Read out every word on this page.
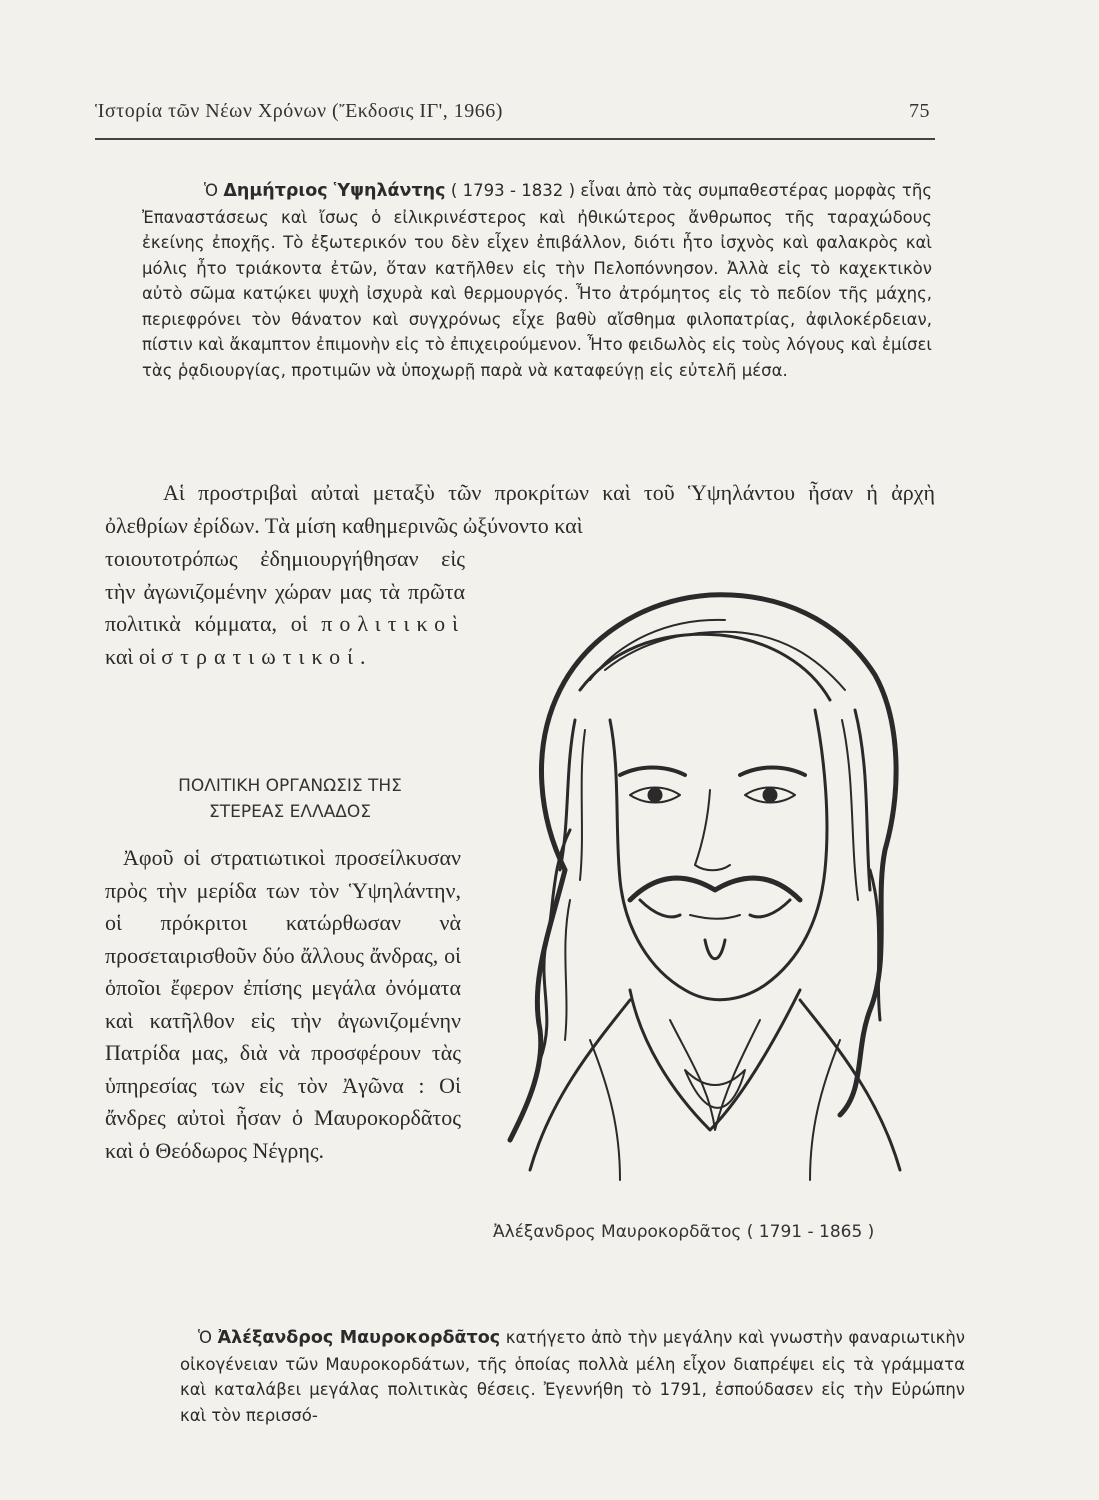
Ἱστορία τῶν Νέων Χρόνων (Ἔκδοσις ΙΓ', 1966)	75
Ὁ Δημήτριος Ὑψηλάντης ( 1793 - 1832 ) εἶναι ἀπὸ τὰς συμπαθεστέρας μορφὰς τῆς Ἐπαναστάσεως καὶ ἴσως ὁ εἰλικρινέστερος καὶ ἠθικώτερος ἄνθρωπος τῆς ταραχώδους ἐκείνης ἐποχῆς. Τὸ ἐξωτερικόν του δὲν εἶχεν ἐπιβάλλον, διότι ἦτο ἰσχνὸς καὶ φαλακρὸς καὶ μόλις ἦτο τριάκοντα ἐτῶν, ὅταν κατῆλθεν εἰς τὴν Πελοπόννησον. Ἀλλὰ εἰς τὸ καχεκτικὸν αὐτὸ σῶμα κατῴκει ψυχὴ ἰσχυρὰ καὶ θερμουργός. Ἦτο ἀτρόμητος εἰς τὸ πεδίον τῆς μάχης, περιεφρόνει τὸν θάνατον καὶ συγχρόνως εἶχε βαθὺ αἴσθημα φιλοπατρίας, ἀφιλοκέρδειαν, πίστιν καὶ ἄκαμπτον ἐπιμονὴν εἰς τὸ ἐπιχειρούμενον. Ἦτο φειδωλὸς εἰς τοὺς λόγους καὶ ἐμίσει τὰς ῥᾳδιουργίας, προτιμῶν νὰ ὑποχωρῇ παρὰ νὰ καταφεύγῃ εἰς εὐτελῆ μέσα.
Αἱ προστριβαὶ αὐταὶ μεταξὺ τῶν προκρίτων καὶ τοῦ Ὑψηλάντου ἦσαν ἡ ἀρχὴ ὀλεθρίων ἐρίδων. Τὰ μίση καθημερινῶς ὠξύνοντο καὶ
τοιουτοτρόπως ἐδημιουργήθησαν εἰς τὴν ἀγωνιζομένην χώραν μας τὰ πρῶτα πολιτικὰ κόμματα, οἱ πολιτικοὶ καὶ οἱ στρατιωτικοί.
ΠΟΛΙΤΙΚΗ ΟΡΓΑΝΩΣΙΣ ΤΗΣ
ΣΤΕΡΕΑΣ ΕΛΛΑΔΟΣ
Ἀφοῦ οἱ στρατιωτικοὶ προσείλκυσαν πρὸς τὴν μερίδα των τὸν Ὑψηλάντην, οἱ πρόκριτοι κατώρθωσαν νὰ προσεταιρισθοῦν δύο ἄλλους ἄνδρας, οἱ ὁποῖοι ἔφερον ἐπίσης μεγάλα ὀνόματα καὶ κατῆλθον εἰς τὴν ἀγωνιζομένην Πατρίδα μας, διὰ νὰ προσφέρουν τὰς ὑπηρεσίας των εἰς τὸν Ἀγῶνα : Οἱ ἄνδρες αὐτοὶ ἦσαν ὁ Μαυροκορδᾶτος καὶ ὁ Θεόδωρος Νέγρης.
Ἀλέξανδρος Μαυροκορδᾶτος ( 1791 - 1865 )
Ὁ Ἀλέξανδρος Μαυροκορδᾶτος κατήγετο ἀπὸ τὴν μεγάλην καὶ γνωστὴν φαναριωτικὴν οἰκογένειαν τῶν Μαυροκορδάτων, τῆς ὁποίας πολλὰ μέλη εἶχον διαπρέψει εἰς τὰ γράμματα καὶ καταλάβει μεγάλας πολιτικὰς θέσεις. Ἐγεννήθη τὸ 1791, ἐσπούδασεν εἰς τὴν Εὐρώπην καὶ τὸν περισσό-
